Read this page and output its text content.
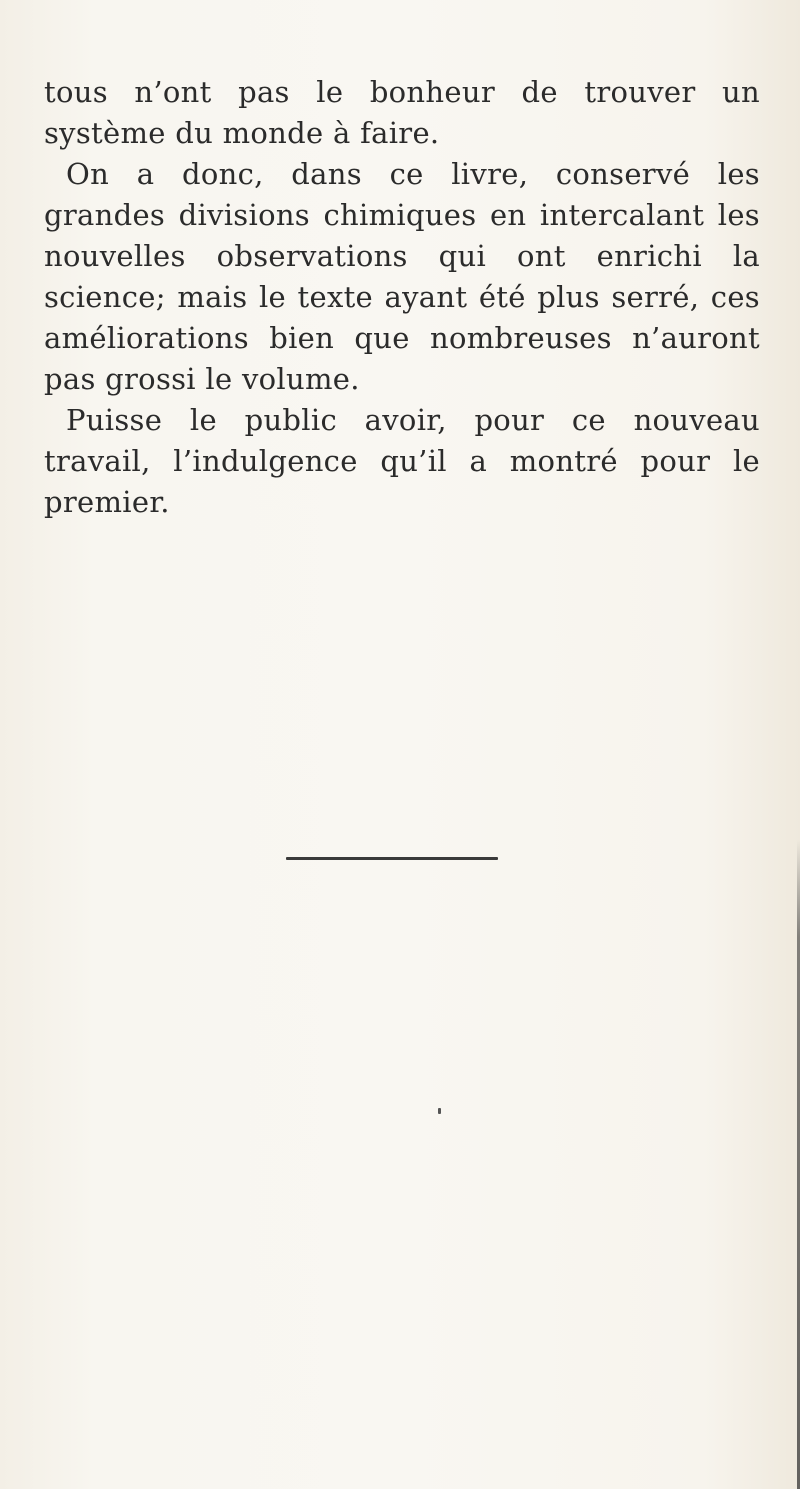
tous n’ont pas le bonheur de trouver un système du monde à faire.

On a donc, dans ce livre, conservé les grandes divisions chimiques en intercalant les nouvelles observations qui ont enrichi la science; mais le texte ayant été plus serré, ces améliorations bien que nombreuses n’auront pas grossi le volume.

Puisse le public avoir, pour ce nouveau travail, l’indulgence qu’il a montré pour le premier.
